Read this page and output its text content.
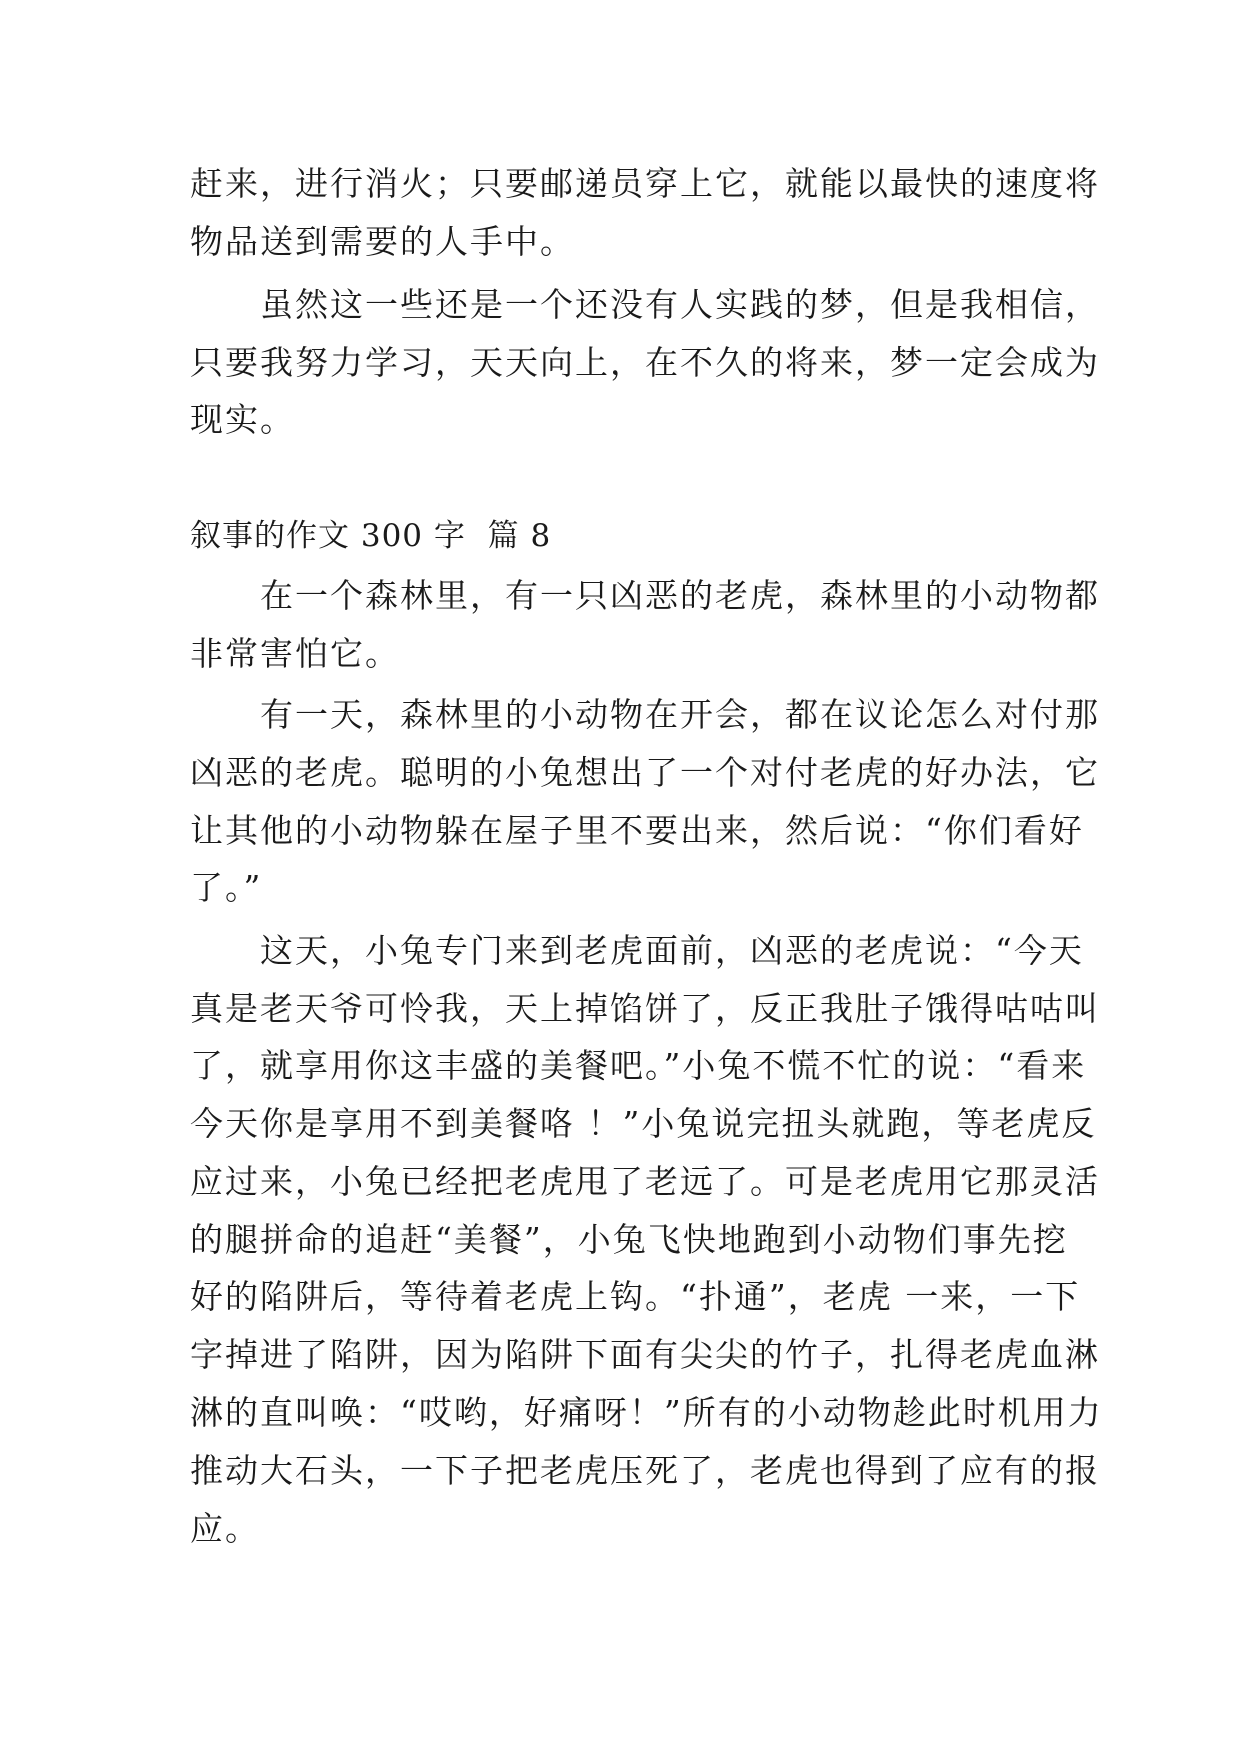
赶来，进行消火；只要邮递员穿上它，就能以最快的速度将
物品送到需要的人手中。
　　虽然这一些还是一个还没有人实践的梦，但是我相信，
只要我努力学习，天天向上，在不久的将来，梦一定会成为
现实。
叙事的作文 300 字  篇 8
　　在一个森林里，有一只凶恶的老虎，森林里的小动物都
非常害怕它。
　　有一天，森林里的小动物在开会，都在议论怎么对付那
凶恶的老虎。聪明的小兔想出了一个对付老虎的好办法，它
让其他的小动物躲在屋子里不要出来，然后说：“你们看好
了。”
　　这天，小兔专门来到老虎面前，凶恶的老虎说：“今天
真是老天爷可怜我，天上掉馅饼了，反正我肚子饿得咕咕叫
了，就享用你这丰盛的美餐吧。”小兔不慌不忙的说：“看来
今天你是享用不到美餐咯 ！”小兔说完扭头就跑，等老虎反
应过来，小兔已经把老虎甩了老远了。可是老虎用它那灵活
的腿拼命的追赶“美餐”，小兔飞快地跑到小动物们事先挖
好的陷阱后，等待着老虎上钩。“扑通”，老虎 一来，一下
字掉进了陷阱，因为陷阱下面有尖尖的竹子，扎得老虎血淋
淋的直叫唤：“哎哟，好痛呀！”所有的小动物趁此时机用力
推动大石头，一下子把老虎压死了，老虎也得到了应有的报
应。
